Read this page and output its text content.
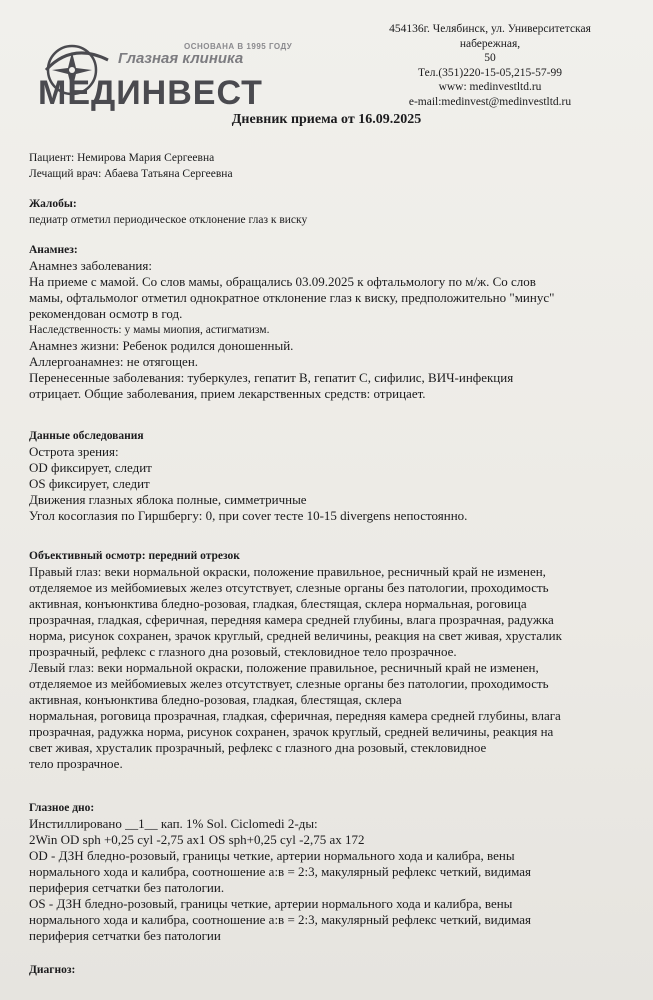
ОСНОВАНА В 1995 ГОДУ
Глазная клиника
МЕДИНВЕСТ
454136г. Челябинск, ул. Университетская набережная,
50
Тел.(351)220-15-05,215-57-99
www: medinvestltd.ru
e-mail:medinvest@medinvestltd.ru
Дневник приема от 16.09.2025
Пациент: Немирова Мария Сергеевна
Лечащий врач: Абаева Татьяна Сергеевна
Жалобы:
педиатр отметил периодическое отклонение глаз к виску
Анамнез:
Анамнез заболевания:
На приеме с мамой. Со слов мамы, обращались 03.09.2025 к офтальмологу по м/ж. Со слов
мамы, офтальмолог отметил однократное отклонение глаз к виску, предположительно "минус"
рекомендован осмотр в год.
Наследственность: у мамы миопия, астигматизм.
Анамнез жизни: Ребенок родился доношенный.
Аллергоанамнез: не отягощен.
Перенесенные заболевания: туберкулез, гепатит B, гепатит C, сифилис, ВИЧ-инфекция
отрицает. Общие заболевания, прием лекарственных средств: отрицает.
Данные обследования
Острота зрения:
OD фиксирует, следит
OS фиксирует, следит
Движения глазных яблока полные, симметричные
Угол косоглазия по Гиршбергу: 0, при cover тесте 10-15 divergens непостоянно.
Объективный осмотр: передний отрезок
Правый глаз: веки нормальной окраски, положение правильное, ресничный край не изменен,
отделяемое из мейбомиевых желез отсутствует, слезные органы без патологии, проходимость
активная, конъюнктива бледно-розовая, гладкая, блестящая, склера нормальная, роговица
прозрачная, гладкая, сферичная, передняя камера средней глубины, влага прозрачная, радужка
норма, рисунок сохранен, зрачок круглый, средней величины, реакция на свет живая, хрусталик
прозрачный, рефлекс с глазного дна розовый, стекловидное тело прозрачное.
Левый глаз: веки нормальной окраски, положение правильное, ресничный край не изменен,
отделяемое из мейбомиевых желез отсутствует, слезные органы без патологии, проходимость
активная, конъюнктива бледно-розовая, гладкая, блестящая, склера
нормальная, роговица прозрачная, гладкая, сферичная, передняя камера средней глубины, влага
прозрачная, радужка норма, рисунок сохранен, зрачок круглый, средней величины, реакция на
свет живая, хрусталик прозрачный, рефлекс с глазного дна розовый, стекловидное
тело прозрачное.
Глазное дно:
Инстиллировано __1__ кап. 1% Sol. Ciclomedi 2-ды:
2Win OD sph +0,25 cyl -2,75 ax1 OS sph+0,25 cyl -2,75 ax 172
OD - ДЗН бледно-розовый, границы четкие, артерии нормального хода и калибра, вены
нормального хода и калибра, соотношение а:в = 2:3, макулярный рефлекс четкий, видимая
периферия сетчатки без патологии.
OS - ДЗН бледно-розовый, границы четкие, артерии нормального хода и калибра, вены
нормального хода и калибра, соотношение а:в = 2:3, макулярный рефлекс четкий, видимая
периферия сетчатки без патологии
Диагноз:
